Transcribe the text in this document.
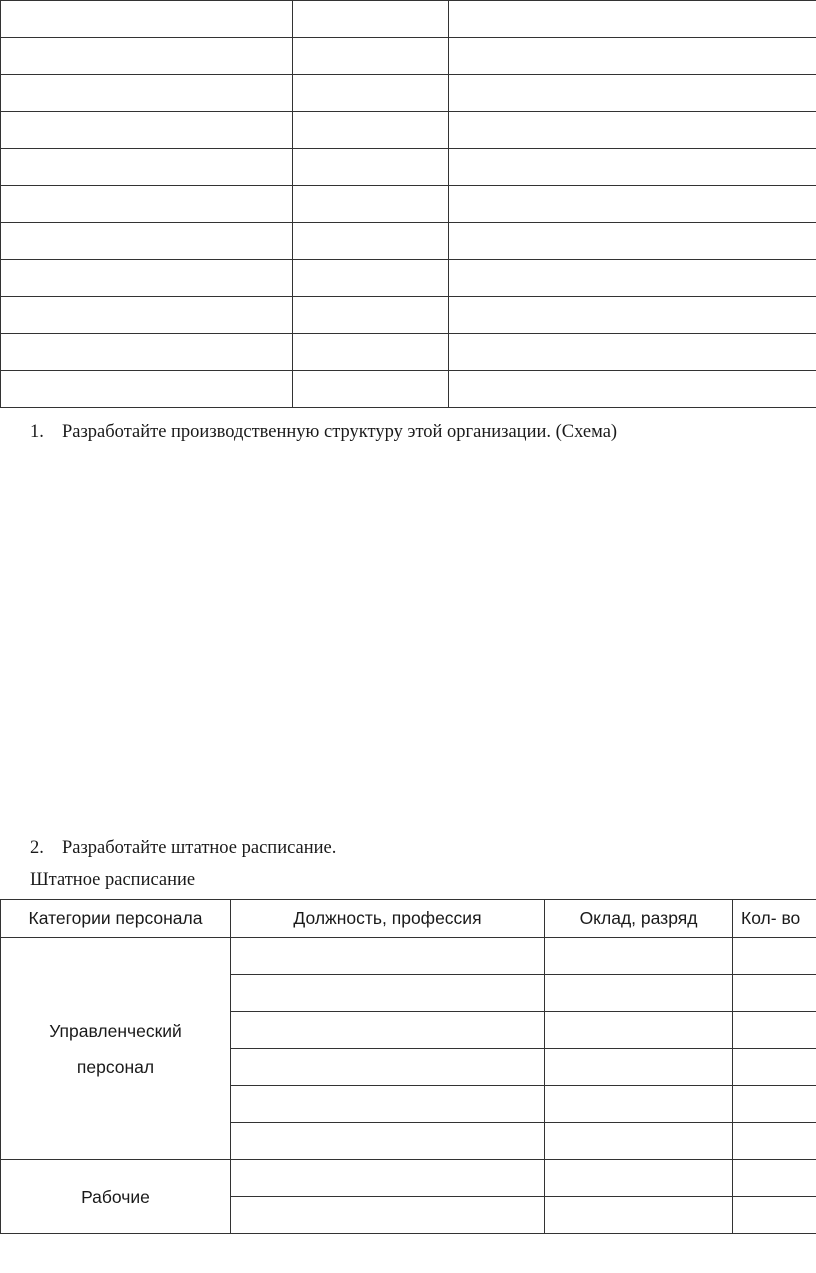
1. Разработайте производственную структуру этой организации. (Схема)
2. Разработайте штатное расписание.
Штатное расписание
Категории персонала	Должность, профессия	Оклад, разряд	Кол- во
Управленческий
персонал			

Рабочие			
